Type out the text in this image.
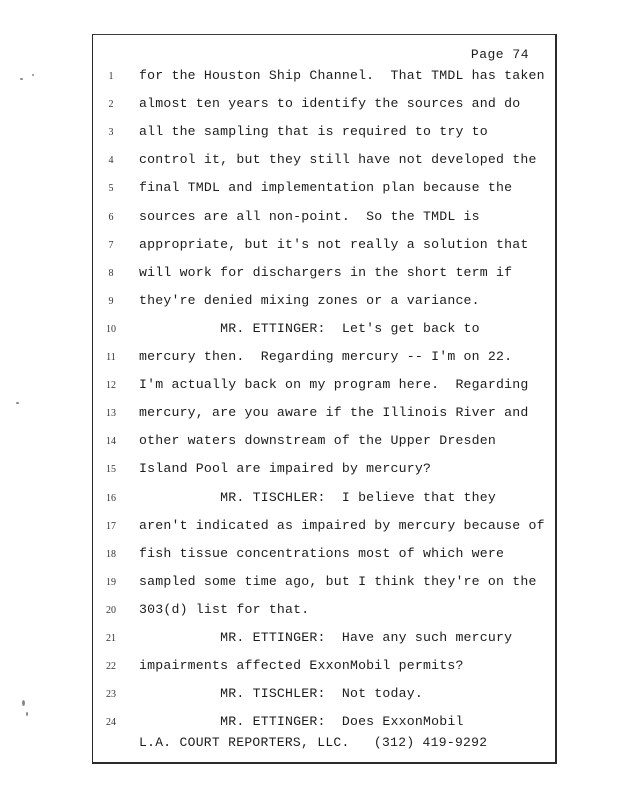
Page 74
1	for the Houston Ship Channel.  That TMDL has taken
2	almost ten years to identify the sources and do
3	all the sampling that is required to try to
4	control it, but they still have not developed the
5	final TMDL and implementation plan because the
6	sources are all non-point.  So the TMDL is
7	appropriate, but it's not really a solution that
8	will work for dischargers in the short term if
9	they're denied mixing zones or a variance.
10 MR. ETTINGER:  Let's get back to
11 mercury then.  Regarding mercury -- I'm on 22.
12 I'm actually back on my program here.  Regarding
13 mercury, are you aware if the Illinois River and
14 other waters downstream of the Upper Dresden
15 Island Pool are impaired by mercury?
16 MR. TISCHLER:  I believe that they
17 aren't indicated as impaired by mercury because of
18 fish tissue concentrations most of which were
19 sampled some time ago, but I think they're on the
20 303(d) list for that.
21 MR. ETTINGER:  Have any such mercury
22 impairments affected ExxonMobil permits?
23 MR. TISCHLER:  Not today.
24 MR. ETTINGER:  Does ExxonMobil
L.A. COURT REPORTERS, LLC.   (312) 419-9292
